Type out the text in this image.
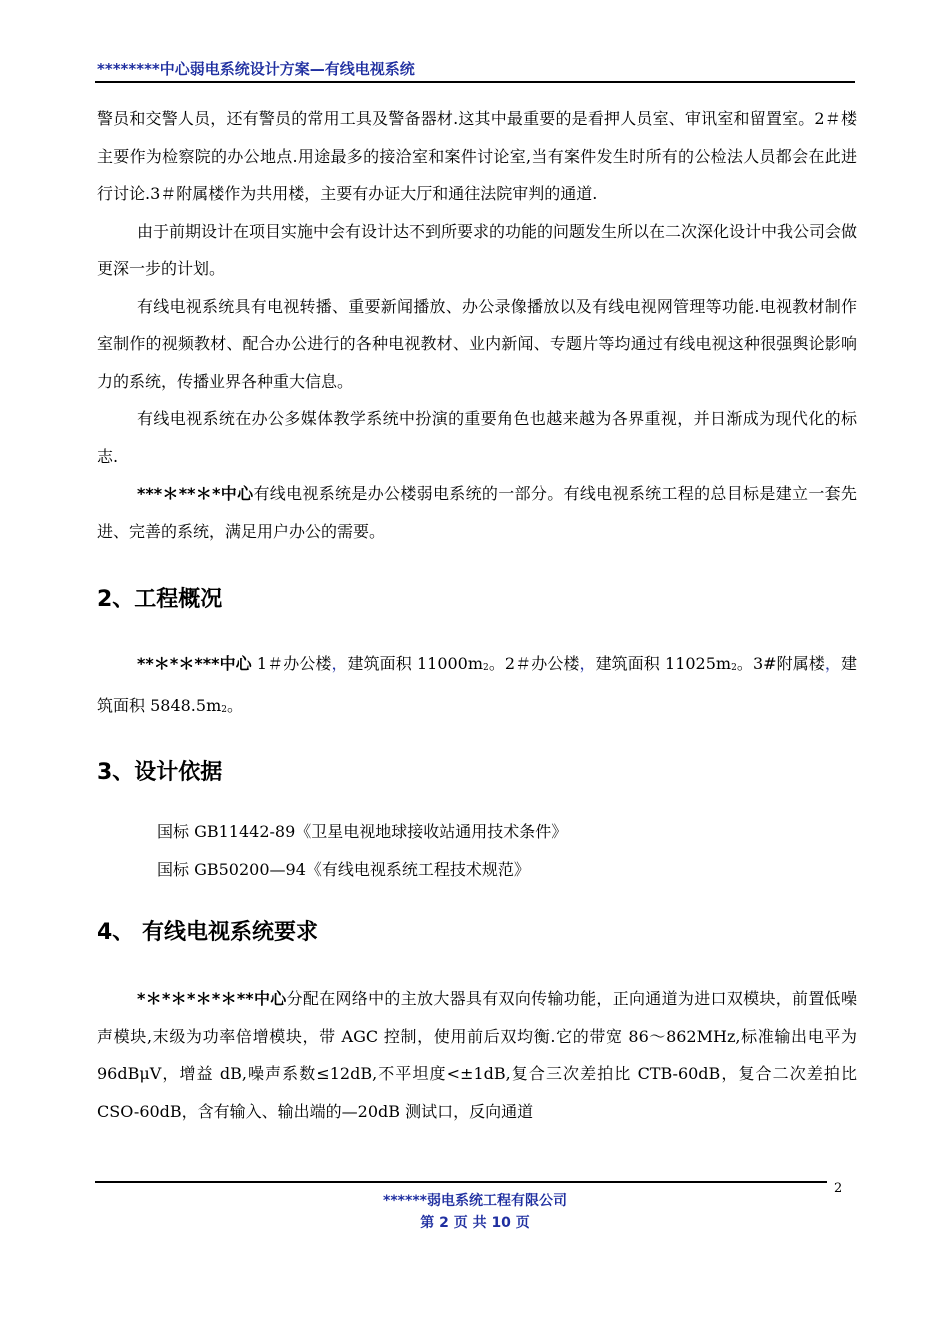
********中心弱电系统设计方案—有线电视系统

警员和交警人员，还有警员的常用工具及警备器材.这其中最重要的是看押人员室、审讯室和留置室。2＃楼主要作为检察院的办公地点.用途最多的接洽室和案件讨论室,当有案件发生时所有的公检法人员都会在此进行讨论.3＃附属楼作为共用楼，主要有办证大厅和通往法院审判的通道.

由于前期设计在项目实施中会有设计达不到所要求的功能的问题发生所以在二次深化设计中我公司会做更深一步的计划。

有线电视系统具有电视转播、重要新闻播放、办公录像播放以及有线电视网管理等功能.电视教材制作室制作的视频教材、配合办公进行的各种电视教材、业内新闻、专题片等均通过有线电视这种很强舆论影响力的系统，传播业界各种重大信息。

有线电视系统在办公多媒体教学系统中扮演的重要角色也越来越为各界重视，并日渐成为现代化的标志.

***＊**＊*中心有线电视系统是办公楼弱电系统的一部分。有线电视系统工程的总目标是建立一套先进、完善的系统，满足用户办公的需要。

2、工程概况

**＊*＊***中心 1＃办公楼，建筑面积 $11000m^2$。2＃办公楼，建筑面积 $11025m^2$。3#附属楼，建筑面积 $5848.5m^2$。

3、设计依据

国标 GB11442-89《卫星电视地球接收站通用技术条件》

国标 GB50200—94《有线电视系统工程技术规范》

4、 有线电视系统要求

*＊*＊*＊*＊**中心分配在网络中的主放大器具有双向传输功能，正向通道为进口双模块，前置低噪声模块,末级为功率倍增模块，带 AGC 控制，使用前后双均衡.它的带宽 86～862MHz,标准输出电平为 96dBμV，增益 dB,噪声系数≤12dB,不平坦度<±1dB,复合三次差拍比 CTB-60dB，复合二次差拍比CSO-60dB，含有输入、输出端的—20dB 测试口，反向通道

2
******弱电系统工程有限公司
第 2 页 共 10 页
